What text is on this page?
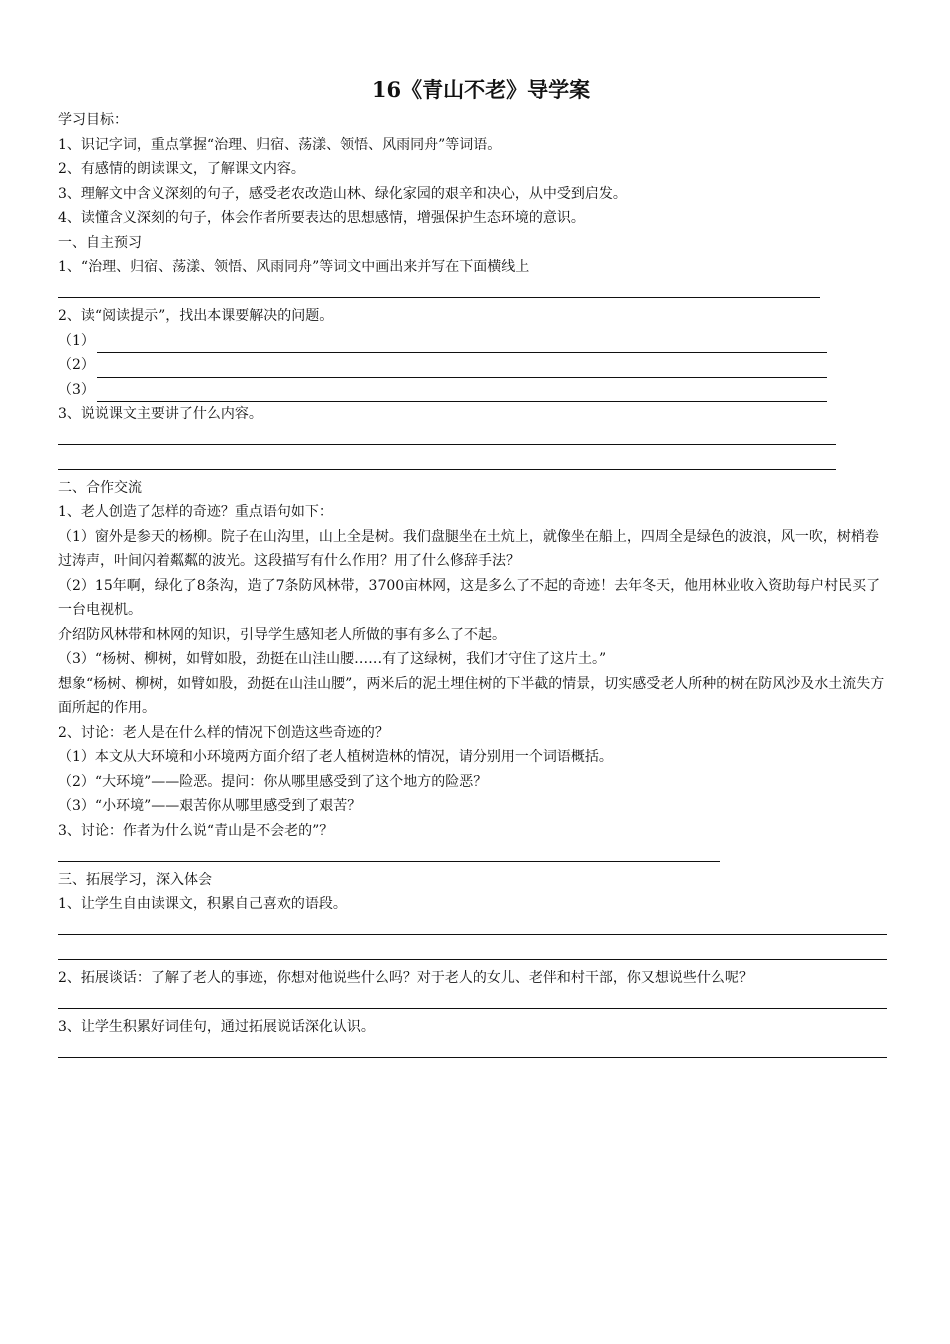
16《青山不老》导学案
学习目标：
1、识记字词，重点掌握“治理、归宿、荡漾、领悟、风雨同舟”等词语。
2、有感情的朗读课文，了解课文内容。
3、理解文中含义深刻的句子，感受老农改造山林、绿化家园的艰辛和决心，从中受到启发。
4、读懂含义深刻的句子，体会作者所要表达的思想感情，增强保护生态环境的意识。
一、自主预习
1、“治理、归宿、荡漾、领悟、风雨同舟”等词文中画出来并写在下面横线上
2、读“阅读提示”，找出本课要解决的问题。
（1）
（2）
（3）
3、说说课文主要讲了什么内容。
二、合作交流
1、老人创造了怎样的奇迹？重点语句如下：

（1）窗外是参天的杨柳。院子在山沟里，山上全是树。我们盘腿坐在土炕上，就像坐在船上，四周全是绿色的波浪，风一吹，树梢卷过涛声，叶间闪着粼粼的波光。这段描写有什么作用？用了什么修辞手法？

（2）15年啊，绿化了8条沟，造了7条防风林带，3700亩林网，这是多么了不起的奇迹！去年冬天，他用林业收入资助每户村民买了一台电视机。

介绍防风林带和林网的知识，引导学生感知老人所做的事有多么了不起。

（3）“杨树、柳树，如臂如股，劲挺在山洼山腰……有了这绿树，我们才守住了这片土。”

想象“杨树、柳树，如臂如股，劲挺在山洼山腰”，两米后的泥土埋住树的下半截的情景，切实感受老人所种的树在防风沙及水土流失方面所起的作用。

2、讨论：老人是在什么样的情况下创造这些奇迹的？
（1）本文从大环境和小环境两方面介绍了老人植树造林的情况，请分别用一个词语概括。
（2）“大环境”——险恶。提问：你从哪里感受到了这个地方的险恶？
（3）“小环境”——艰苦你从哪里感受到了艰苦？
3、讨论：作者为什么说“青山是不会老的”？
三、拓展学习，深入体会
1、让学生自由读课文，积累自己喜欢的语段。
2、拓展谈话：了解了老人的事迹，你想对他说些什么吗？对于老人的女儿、老伴和村干部，你又想说些什么呢？
3、让学生积累好词佳句，通过拓展说话深化认识。
